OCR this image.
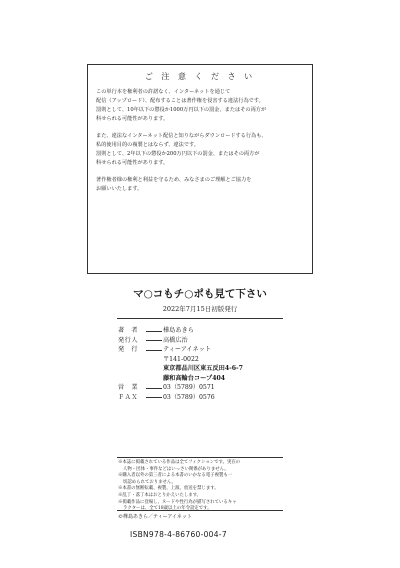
ご 注 意 く だ さ い
この単行本を権利者の許諾なく、インターネットを通じて
配信（アップロード）、配布することは著作権を侵害する違法行為です。
罰則として、10年以下の懲役か1000万円以下の罰金、またはその両方が
科せられる可能性があります。
また、違法なインターネット配信と知りながらダウンロードする行為も、
私的使用目的の複製とはならず、違法です。
罰則として、2年以下の懲役か200万円以下の罰金、またはその両方が
科せられる可能性があります。
著作権者様の権利と利益を守るため、みなさまのご理解とご協力を
お願いいたします。
マ○コもチ○ポも見て下さい
2022年7月15日初版発行
著　者	樺島あきら
発行人	高橋広治
発　行	ティーアイネット
〒141-0022
東京都品川区東五反田4-6-7
藤和高輪台コープ404
営　業	03（5789）0571
ＦＡＸ	03（5789）0576
※本誌に掲載されている作品は全てフィクションです。実在の
人物・団体・事件などはいっさい関係がありません。
※購入者以外の第三者による本書のいかなる電子複製も一
切認められておりません。
※本書の無断転載、複製、上演、放送を禁じます。
※乱丁・落丁本はおとりかえいたします。
※掲載作品に登場し、ヌードや性行為が描写されているキャ
ラクターは、全て18歳以上の年令設定です。
©樺島あきら／ティーアイネット
ISBN978-4-86760-004-7
